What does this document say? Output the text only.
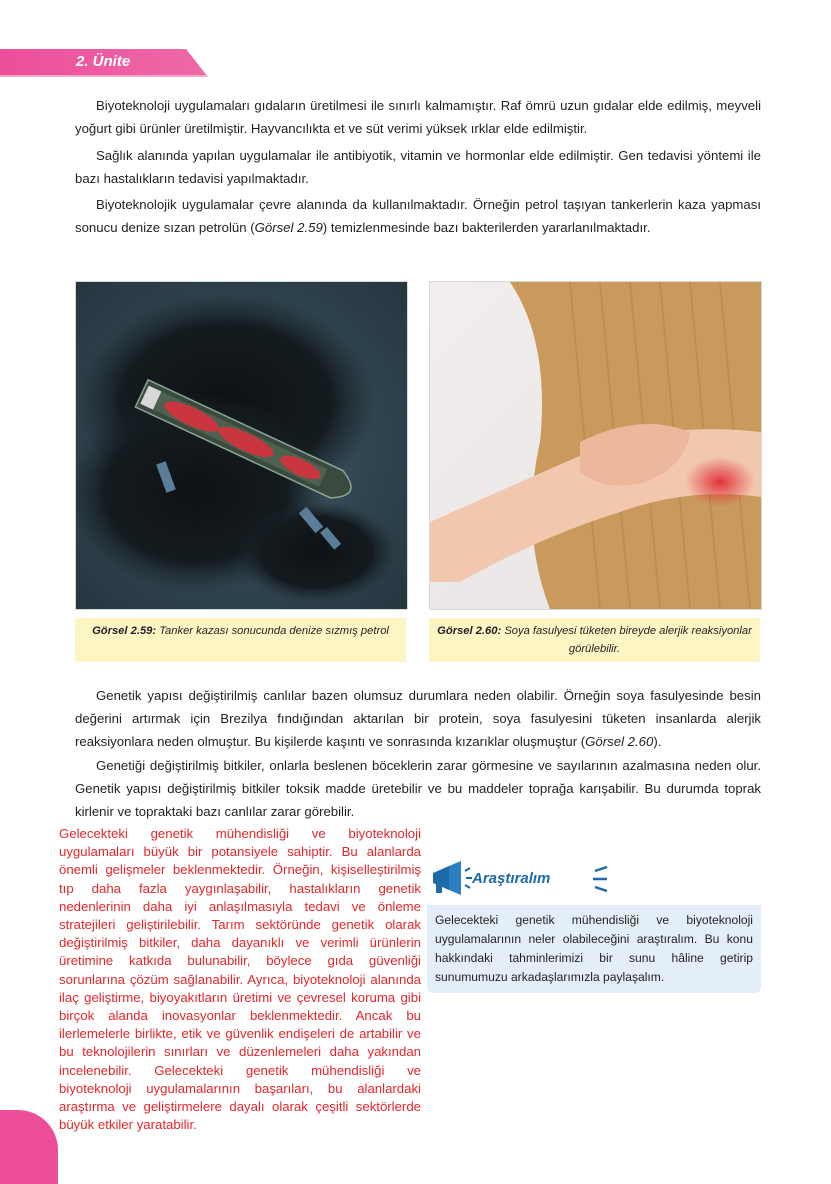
2. Ünite

Biyoteknoloji uygulamaları gıdaların üretilmesi ile sınırlı kalmamıştır. Raf ömrü uzun gıdalar elde edilmiş, meyveli yoğurt gibi ürünler üretilmiştir. Hayvancılıkta et ve süt verimi yüksek ırklar elde edilmiştir.

Sağlık alanında yapılan uygulamalar ile antibiyotik, vitamin ve hormonlar elde edilmiştir. Gen tedavisi yöntemi ile bazı hastalıkların tedavisi yapılmaktadır.

Biyoteknolojik uygulamalar çevre alanında da kullanılmaktadır. Örneğin petrol taşıyan tankerlerin kaza yapması sonucu denize sızan petrolün (Görsel 2.59) temizlenmesinde bazı bakterilerden yararlanılmaktadır.

Görsel 2.59: Tanker kazası sonucunda denize sızmış petrol	Görsel 2.60: Soya fasulyesi tüketen bireyde alerjik reaksiyonlar görülebilir.

Genetik yapısı değiştirilmiş canlılar bazen olumsuz durumlara neden olabilir. Örneğin soya fasulyesinde besin değerini artırmak için Brezilya fındığından aktarılan bir protein, soya fasulyesini tüketen insanlarda alerjik reaksiyonlara neden olmuştur. Bu kişilerde kaşıntı ve sonrasında kızarıklar oluşmuştur (Görsel 2.60).

Genetiği değiştirilmiş bitkiler, onlarla beslenen böceklerin zarar görmesine ve sayılarının azalmasına neden olur. Genetik yapısı değiştirilmiş bitkiler toksik madde üretebilir ve bu maddeler toprağa karışabilir. Bu durumda toprak kirlenir ve topraktaki bazı canlılar zarar görebilir.

Gelecekteki genetik mühendisliği ve biyoteknoloji uygulamaları büyük bir potansiyele sahiptir. Bu alanlarda önemli gelişmeler beklenmektedir. Örneğin, kişiselleştirilmiş tıp daha fazla yaygınlaşabilir, hastalıkların genetik nedenlerinin daha iyi anlaşılmasıyla tedavi ve önleme stratejileri geliştirilebilir. Tarım sektöründe genetik olarak değiştirilmiş bitkiler, daha dayanıklı ve verimli ürünlerin üretimine katkıda bulunabilir, böylece gıda güvenliği sorunlarına çözüm sağlanabilir. Ayrıca, biyoteknoloji alanında ilaç geliştirme, biyoyakıtların üretimi ve çevresel koruma gibi birçok alanda inovasyonlar beklenmektedir. Ancak bu ilerlemelerle birlikte, etik ve güvenlik endişeleri de artabilir ve bu teknolojilerin sınırları ve düzenlemeleri daha yakından incelenebilir. Gelecekteki genetik mühendisliği ve biyoteknoloji uygulamalarının başarıları, bu alanlardaki araştırma ve geliştirmelere dayalı olarak çeşitli sektörlerde büyük etkiler yaratabilir.

Araştıralım
Gelecekteki genetik mühendisliği ve biyoteknoloji uygulamalarının neler olabileceğini araştıralım. Bu konu hakkındaki tahminlerimizi bir sunu hâline getirip sunumumuzu arkadaşlarımızla paylaşalım.
